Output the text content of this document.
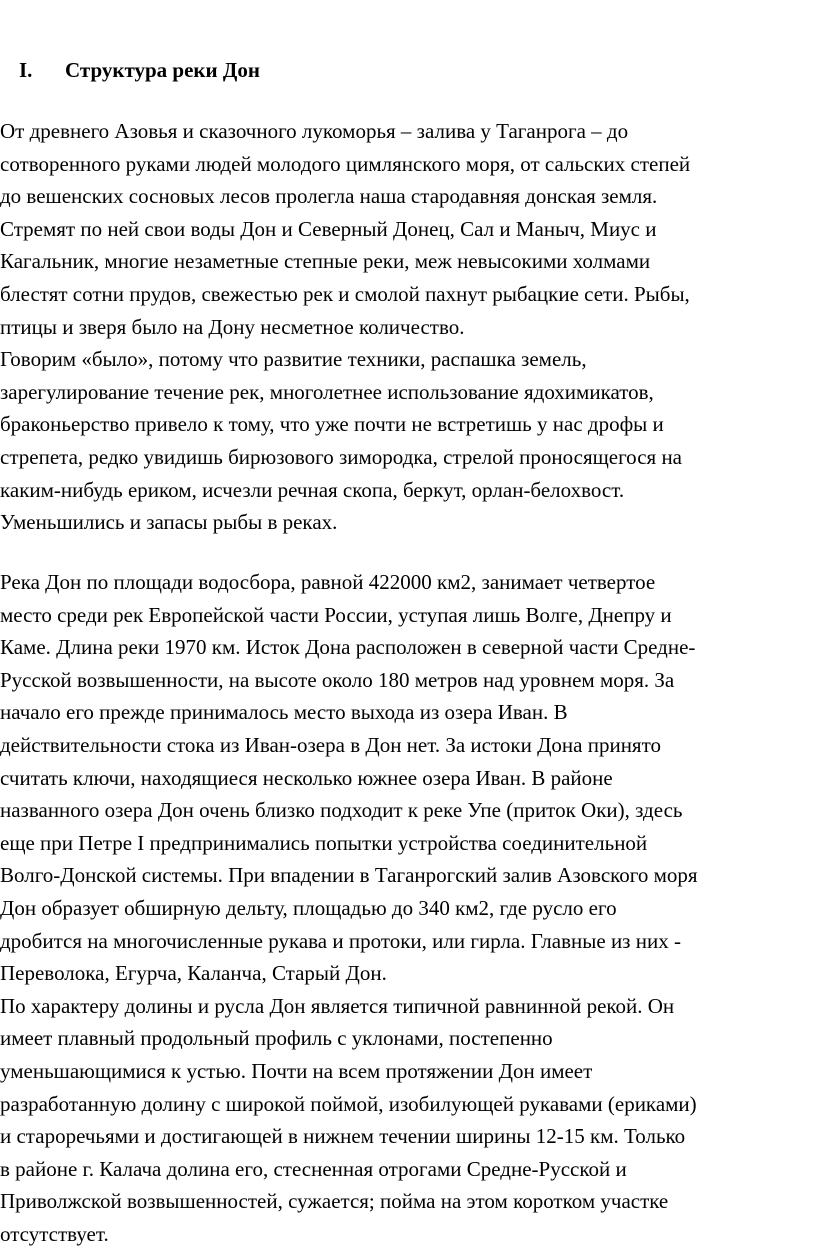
I. Структура реки Дон
От древнего Азовья и сказочного лукоморья – залива у Таганрога – до
сотворенного руками людей молодого цимлянского моря, от сальских степей
до вешенских сосновых лесов пролегла наша стародавняя донская земля.
Стремят по ней свои воды Дон и Северный Донец, Сал и Маныч, Миус и
Кагальник, многие незаметные степные реки, меж невысокими холмами
блестят сотни прудов, свежестью рек и смолой пахнут рыбацкие сети. Рыбы,
птицы и зверя было на Дону несметное количество.
Говорим «было», потому что развитие техники, распашка земель,
зарегулирование течение рек, многолетнее использование ядохимикатов,
браконьерство привело к тому, что уже почти не встретишь у нас дрофы и
стрепета, редко увидишь бирюзового зимородка, стрелой проносящегося на
каким-нибудь ериком, исчезли речная скопа, беркут, орлан-белохвост.
Уменьшились и запасы рыбы в реках.
Река Дон по площади водосбора, равной 422000 км2, занимает четвертое
место среди рек Европейской части России, уступая лишь Волге, Днепру и
Каме. Длина реки 1970 км. Исток Дона расположен в северной части Средне-
Русской возвышенности, на высоте около 180 метров над уровнем моря. За
начало его прежде принималось место выхода из озера Иван. В
действительности стока из Иван-озера в Дон нет. За истоки Дона принято
считать ключи, находящиеся несколько южнее озера Иван. В районе
названного озера Дон очень близко подходит к реке Упе (приток Оки), здесь
еще при Петре I предпринимались попытки устройства соединительной
Волго-Донской системы. При впадении в Таганрогский залив Азовского моря
Дон образует обширную дельту, площадью до 340 км2, где русло его
дробится на многочисленные рукава и протоки, или гирла. Главные из них -
Переволока, Егурча, Каланча, Старый Дон.
По характеру долины и русла Дон является типичной равнинной рекой. Он
имеет плавный продольный профиль с уклонами, постепенно
уменьшающимися к устью. Почти на всем протяжении Дон имеет
разработанную долину с широкой поймой, изобилующей рукавами (ериками)
и староречьями и достигающей в нижнем течении ширины 12-15 км. Только
в районе г. Калача долина его, стесненная отрогами Средне-Русской и
Приволжской возвышенностей, сужается; пойма на этом коротком участке
отсутствует.
